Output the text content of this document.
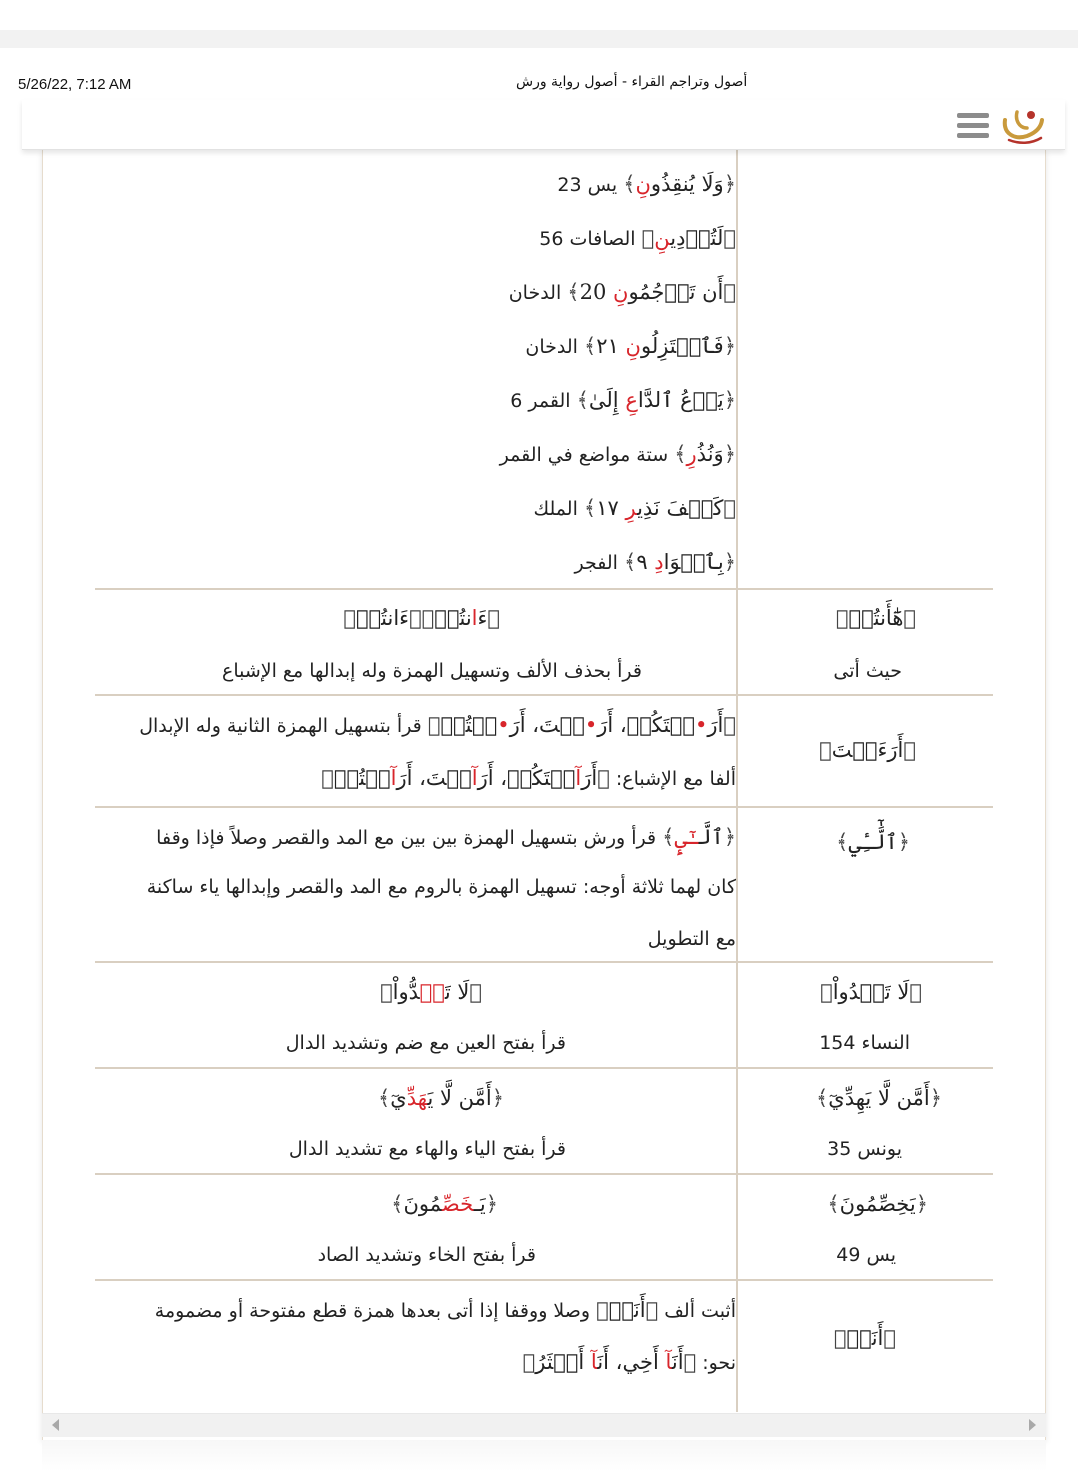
5/26/22, 7:12 AM	أصول وتراجم القراء - أصول رواية ورش
﴿وَلَا يُنقِذُونِ﴾ يس 23
﴿لَتُرۡدِينِ﴾ الصافات 56
﴿أَن تَرۡجُمُونِ 20﴾ الدخان
﴿فَٱعۡتَزِلُونِ ٢١﴾ الدخان
﴿يَدۡعُ ٱلدَّاعِ إِلَىٰ﴾ القمر 6
﴿وَنُذُرِ﴾ ستة مواضع في القمر
﴿كَيۡفَ نَذِيرِ ١٧﴾ الملك
﴿بِٱلۡوَادِ ٩﴾ الفجر
﴿هَٰٓأَنتُمۡ﴾
حيث أتى
﴿ءَانتُمۡ﴾﴿ءَانتُمۡ﴾
قرأ بحذف الألف وتسهيل الهمزة وله إبدالها مع الإشباع
﴿أَرَءَيۡتَ﴾
﴿أَرَ•يۡتَكُمۡ، أَرَ•يۡتَ، أَرَ•يۡتُمۡ﴾ قرأ بتسهيل الهمزة الثانية وله الإبدال
ألفا مع الإشباع: ﴿أَرَآيۡتَكُمۡ، أَرَآيۡتَ، أَرَآيۡتُمۡ﴾
﴿ٱلَّٰٓـِٔي﴾
﴿ٱلَّـٰٓىِٕ﴾ قرأ ورش بتسهيل الهمزة بين بين مع المد والقصر وصلاً فإذا وقفا
كان لهما ثلاثة أوجه: تسهيل الهمزة بالروم مع المد والقصر وإبدالها ياء ساكنة
مع التطويل
﴿لَا تَعۡدُواْ﴾
النساء 154
﴿لَا تَعۡدُّواْ﴾
قرأ بفتح العين مع ضم وتشديد الدال
﴿أَمَّن لَّا يَهِدِّيٓ﴾
يونس 35
﴿أَمَّن لَّا يَهَدِّيٓ﴾
قرأ بفتح الياء والهاء مع تشديد الدال
﴿يَخِصِّمُونَ﴾
يس 49
﴿يَـخَصِّمُونَ﴾
قرأ بفتح الخاء وتشديد الصاد
﴿أَنَا۠﴾
أثبت ألف ﴿أَنَا۠﴾ وصلا ووقفا إذا أتى بعدها همزة قطع مفتوحة أو مضمومة
نحو: ﴿أَنَآ أَخِي، أَنَآ أَكۡثَرُ﴾
